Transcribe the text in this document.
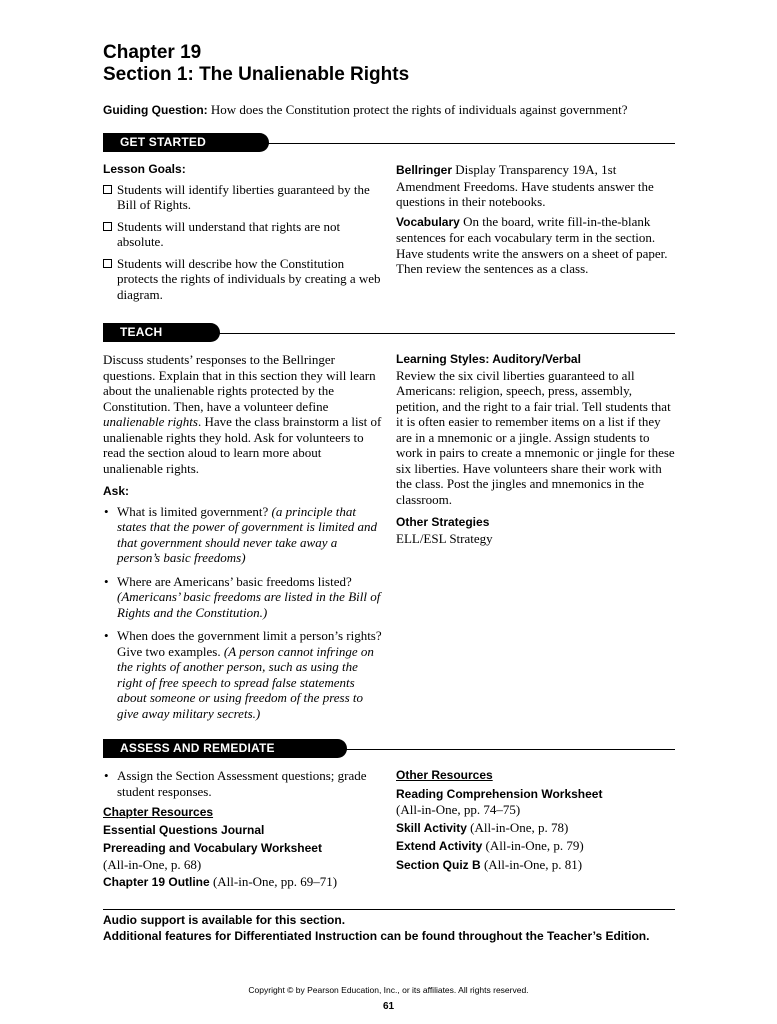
Chapter 19
Section 1: The Unalienable Rights
Guiding Question: How does the Constitution protect the rights of individuals against government?
GET STARTED

Lesson Goals:

Students will identify liberties guaranteed by the Bill of Rights.
Students will understand that rights are not absolute.
Students will describe how the Constitution protects the rights of individuals by creating a web diagram.

Bellringer Display Transparency 19A, 1st Amendment Freedoms. Have students answer the questions in their notebooks.

Vocabulary On the board, write fill-in-the-blank sentences for each vocabulary term in the section. Have students write the answers on a sheet of paper. Then review the sentences as a class.

TEACH

Discuss students’ responses to the Bellringer questions. Explain that in this section they will learn about the unalienable rights protected by the Constitution. Then, have a volunteer define unalienable rights. Have the class brainstorm a list of unalienable rights they hold. Ask for volunteers to read the section aloud to learn more about unalienable rights.

Ask:

• What is limited government? (a principle that states that the power of government is limited and that government should never take away a person’s basic freedoms)
• Where are Americans’ basic freedoms listed? (Americans’ basic freedoms are listed in the Bill of Rights and the Constitution.)
• When does the government limit a person’s rights? Give two examples. (A person cannot infringe on the rights of another person, such as using the right of free speech to spread false statements about someone or using freedom of the press to give away military secrets.)

Learning Styles: Auditory/Verbal

Review the six civil liberties guaranteed to all Americans: religion, speech, press, assembly, petition, and the right to a fair trial. Tell students that it is often easier to remember items on a list if they are in a mnemonic or a jingle. Assign students to work in pairs to create a mnemonic or jingle for these six liberties. Have volunteers share their work with the class. Post the jingles and mnemonics in the classroom.

Other Strategies

ELL/ESL Strategy

ASSESS AND REMEDIATE
• Assign the Section Assessment questions; grade student responses.

Chapter Resources

Essential Questions Journal

Prereading and Vocabulary Worksheet
(All-in-One, p. 68)

Chapter 19 Outline (All-in-One, pp. 69–71)

Other Resources

Reading Comprehension Worksheet
(All-in-One, pp. 74–75)

Skill Activity (All-in-One, p. 78)

Extend Activity (All-in-One, p. 79)

Section Quiz B (All-in-One, p. 81)

Audio support is available for this section.
Additional features for Differentiated Instruction can be found throughout the Teacher’s Edition.
Copyright © by Pearson Education, Inc., or its affiliates. All rights reserved.
61
